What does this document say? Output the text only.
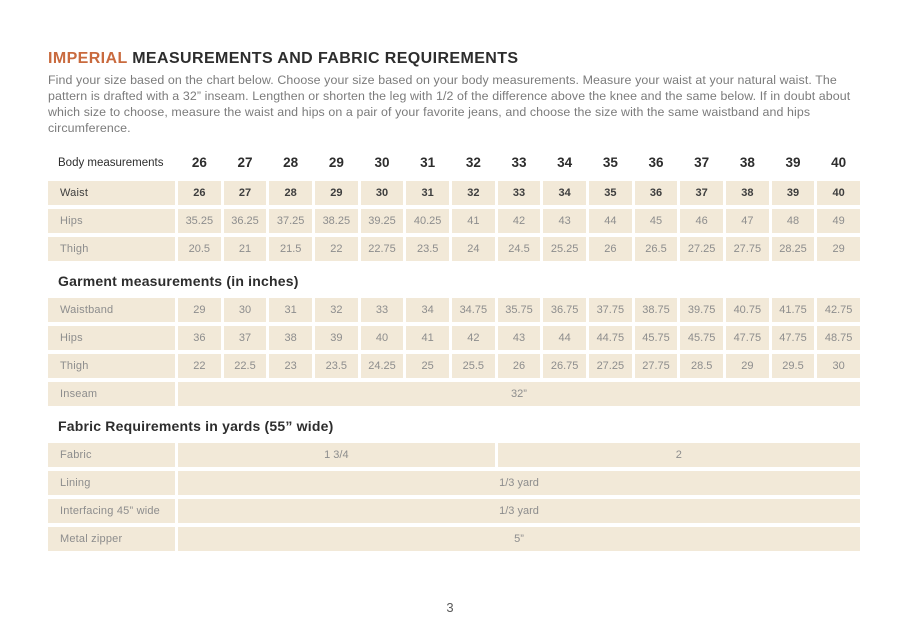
IMPERIAL MEASUREMENTS AND FABRIC REQUIREMENTS

Find your size based on the chart below. Choose your size based on your body measurements. Measure your waist at your natural waist. The pattern is drafted with a 32” inseam. Lengthen or shorten the leg with 1/2 of the difference above the knee and the same below. If in doubt about which size to choose, measure the waist and hips on a pair of your favorite jeans, and choose the size with the same waistband and hips circumference.

Body measurements	26	27	28	29	30	31	32	33	34	35	36	37	38	39	40
Waist	26	27	28	29	30	31	32	33	34	35	36	37	38	39	40
Hips	35.25	36.25	37.25	38.25	39.25	40.25	41	42	43	44	45	46	47	48	49
Thigh	20.5	21	21.5	22	22.75	23.5	24	24.5	25.25	26	26.5	27.25	27.75	28.25	29
Garment measurements (in inches)
Waistband	29	30	31	32	33	34	34.75	35.75	36.75	37.75	38.75	39.75	40.75	41.75	42.75
Hips	36	37	38	39	40	41	42	43	44	44.75	45.75	45.75	47.75	47.75	48.75
Thigh	22	22.5	23	23.5	24.25	25	25.5	26	26.75	27.25	27.75	28.5	29	29.5	30
Inseam	32”
Fabric Requirements in yards (55” wide)
Fabric	1 3/4	2
Lining	1/3 yard
Interfacing 45” wide	1/3 yard
Metal zipper	5”
3
